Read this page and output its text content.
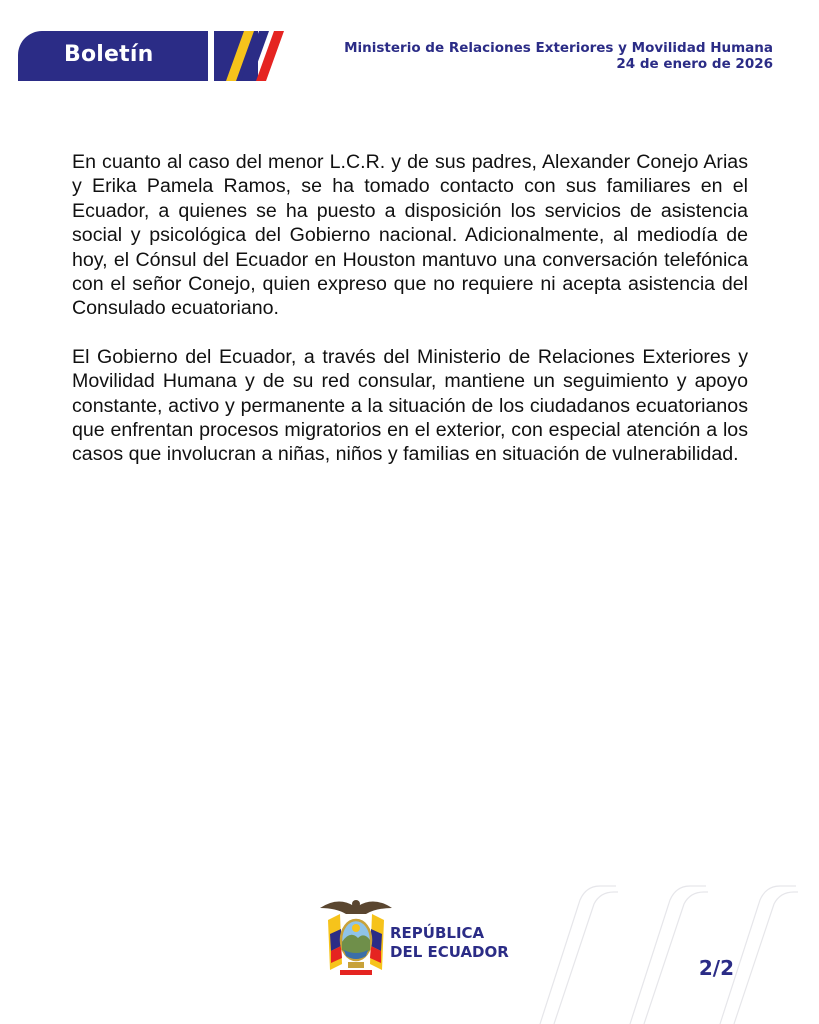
Boletín	Ministerio de Relaciones Exteriores y Movilidad Humana
24 de enero de 2026

En cuanto al caso del menor L.C.R. y de sus padres, Alexander Conejo Arias y Erika Pamela Ramos, se ha tomado contacto con sus familiares en el Ecuador, a quienes se ha puesto a disposición los servicios de asistencia social y psicológica del Gobierno nacional. Adicionalmente, al mediodía de hoy, el Cónsul del Ecuador en Houston mantuvo una conversación telefónica con el señor Conejo, quien expreso que no requiere ni acepta asistencia del Consulado ecuatoriano.

El Gobierno del Ecuador, a través del Ministerio de Relaciones Exteriores y Movilidad Humana y de su red consular, mantiene un seguimiento y apoyo constante, activo y permanente a la situación de los ciudadanos ecuatorianos que enfrentan procesos migratorios en el exterior, con especial atención a los casos que involucran a niñas, niños y familias en situación de vulnerabilidad.

REPÚBLICA
DEL ECUADOR
2/2
